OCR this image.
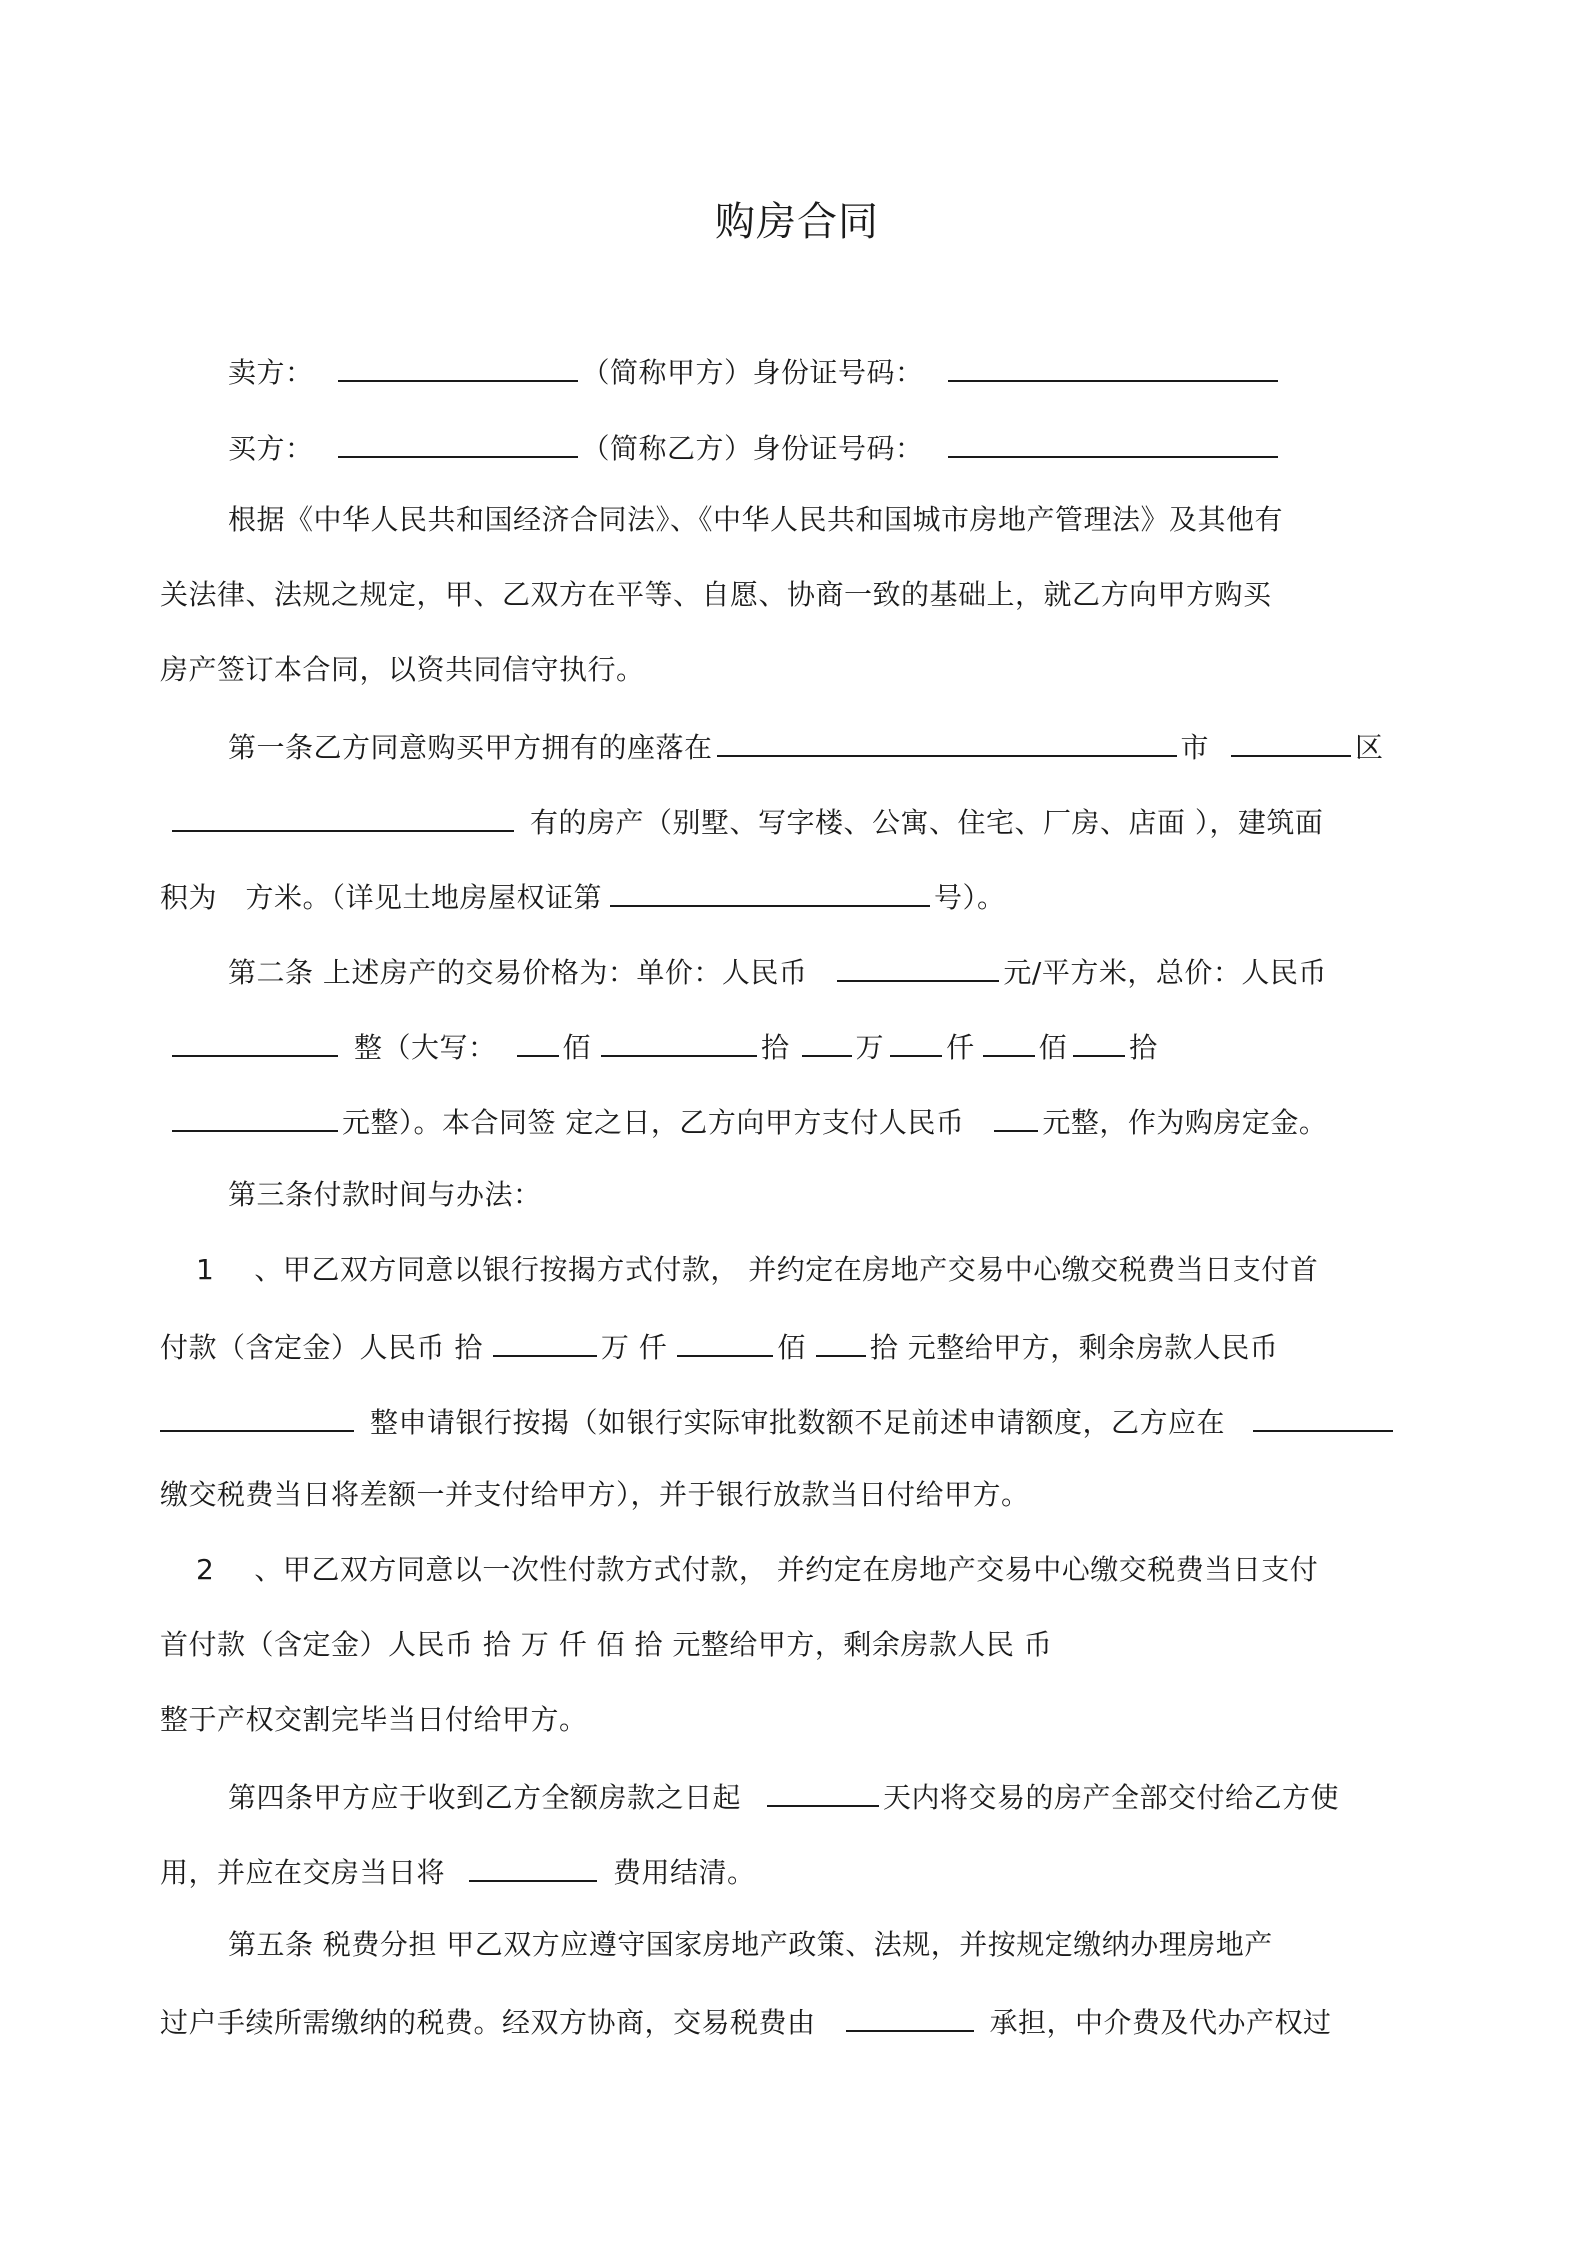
购房合同
卖方：	（简称甲方）身份证号码：
买方：	（简称乙方）身份证号码：
根据《中华人民共和国经济合同法》、《中华人民共和国城市房地产管理法》及其他有
关法律、法规之规定，甲、乙双方在平等、自愿、协商一致的基础上，就乙方向甲方购买
房产签订本合同，以资共同信守执行。
第一条乙方同意购买甲方拥有的座落在	市	区
有的房产（别墅、写字楼、公寓、住宅、厂房、店面 ），建筑面
积为　方米。（详见土地房屋权证第	号）。
第二条 上述房产的交易价格为：单价：人民币	元/平方米，总价：人民币
整（大写： 佰	拾 万 仟 佰 拾
元整）。本合同签 定之日，乙方向甲方支付人民币	元整，作为购房定金。
第三条付款时间与办法：
1 、甲乙双方同意以银行按揭方式付款， 并约定在房地产交易中心缴交税费当日支付首
付款（含定金）人民币 拾	万 仟	佰 拾 元整给甲方，剩余房款人民币
整申请银行按揭（如银行实际审批数额不足前述申请额度，乙方应在
缴交税费当日将差额一并支付给甲方），并于银行放款当日付给甲方。
2 、甲乙双方同意以一次性付款方式付款， 并约定在房地产交易中心缴交税费当日支付
首付款（含定金）人民币 拾 万 仟 佰 拾 元整给甲方，剩余房款人民 币
整于产权交割完毕当日付给甲方。
第四条甲方应于收到乙方全额房款之日起	天内将交易的房产全部交付给乙方使
用，并应在交房当日将	费用结清。
第五条 税费分担 甲乙双方应遵守国家房地产政策、法规，并按规定缴纳办理房地产
过户手续所需缴纳的税费。经双方协商，交易税费由	承担，中介费及代办产权过
